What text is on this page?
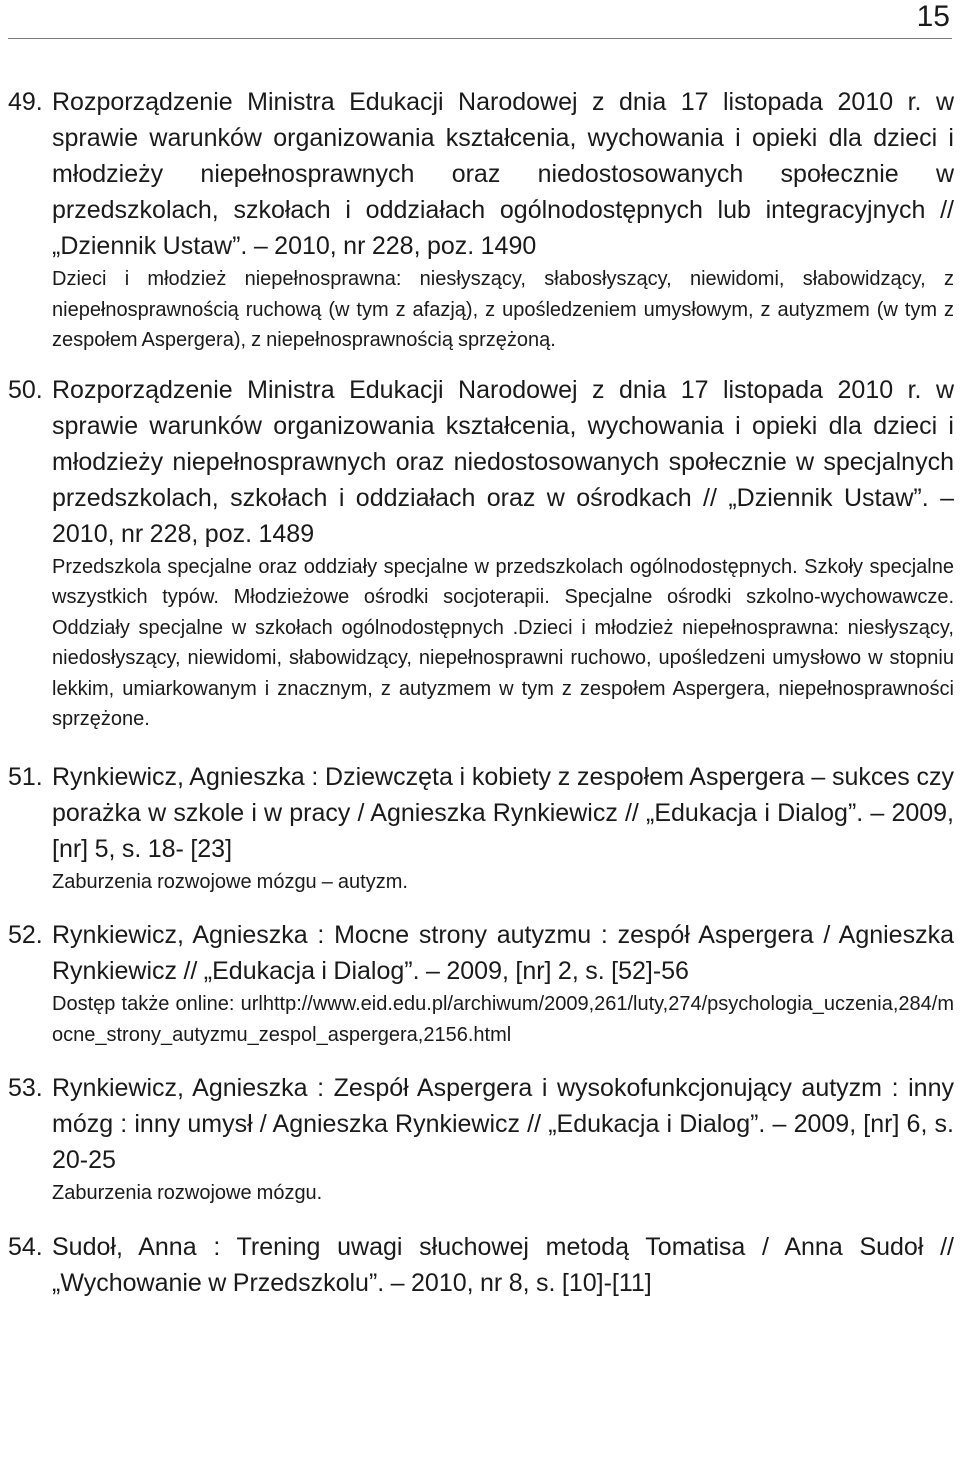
15
49. Rozporządzenie Ministra Edukacji Narodowej z dnia 17 listopada 2010 r. w sprawie warunków organizowania kształcenia, wychowania i opieki dla dzieci i młodzieży niepełnosprawnych oraz niedostosowanych społecznie w przedszkolach, szkołach i oddziałach ogólnodostępnych lub integracyjnych // „Dziennik Ustaw”. – 2010, nr 228, poz. 1490
Dzieci i młodzież niepełnosprawna: niesłyszący, słabosłyszący, niewidomi, słabowidzący, z niepełnosprawnością ruchową (w tym z afazją), z upośledzeniem umysłowym, z autyzmem (w tym z zespołem Aspergera), z niepełnosprawnością sprzężoną.
50. Rozporządzenie Ministra Edukacji Narodowej z dnia 17 listopada 2010 r. w sprawie warunków organizowania kształcenia, wychowania i opieki dla dzieci i młodzieży niepełnosprawnych oraz niedostosowanych społecznie w specjalnych przedszkolach, szkołach i oddziałach oraz w ośrodkach // „Dziennik Ustaw”. – 2010, nr 228, poz. 1489
Przedszkola specjalne oraz oddziały specjalne w przedszkolach ogólnodostępnych. Szkoły specjalne wszystkich typów. Młodzieżowe ośrodki socjoterapii. Specjalne ośrodki szkolno-wychowawcze. Oddziały specjalne w szkołach ogólnodostępnych .Dzieci i młodzież niepełnosprawna: niesłyszący, niedosłyszący, niewidomi, słabowidzący, niepełnosprawni ruchowo, upośledzeni umysłowo w stopniu lekkim, umiarkowanym i znacznym, z autyzmem w tym z zespołem Aspergera, niepełnosprawności sprzężone.
51. Rynkiewicz, Agnieszka : Dziewczęta i kobiety z zespołem Aspergera – sukces czy porażka w szkole i w pracy / Agnieszka Rynkiewicz // „Edukacja i Dialog”. – 2009, [nr] 5, s. 18- [23]
Zaburzenia rozwojowe mózgu – autyzm.
52. Rynkiewicz, Agnieszka : Mocne strony autyzmu : zespół Aspergera / Agnieszka Rynkiewicz // „Edukacja i Dialog”. – 2009, [nr] 2, s. [52]-56
Dostęp także online: urlhttp://www.eid.edu.pl/archiwum/2009,261/luty,274/psychologia_uczenia,284/mocne_strony_autyzmu_zespol_aspergera,2156.html
53. Rynkiewicz, Agnieszka : Zespół Aspergera i wysokofunkcjonujący autyzm : inny mózg : inny umysł / Agnieszka Rynkiewicz // „Edukacja i Dialog”. – 2009, [nr] 6, s. 20-25
Zaburzenia rozwojowe mózgu.
54. Sudoł, Anna : Trening uwagi słuchowej metodą Tomatisa / Anna Sudoł // „Wychowanie w Przedszkolu”. – 2010, nr 8, s. [10]-[11]
